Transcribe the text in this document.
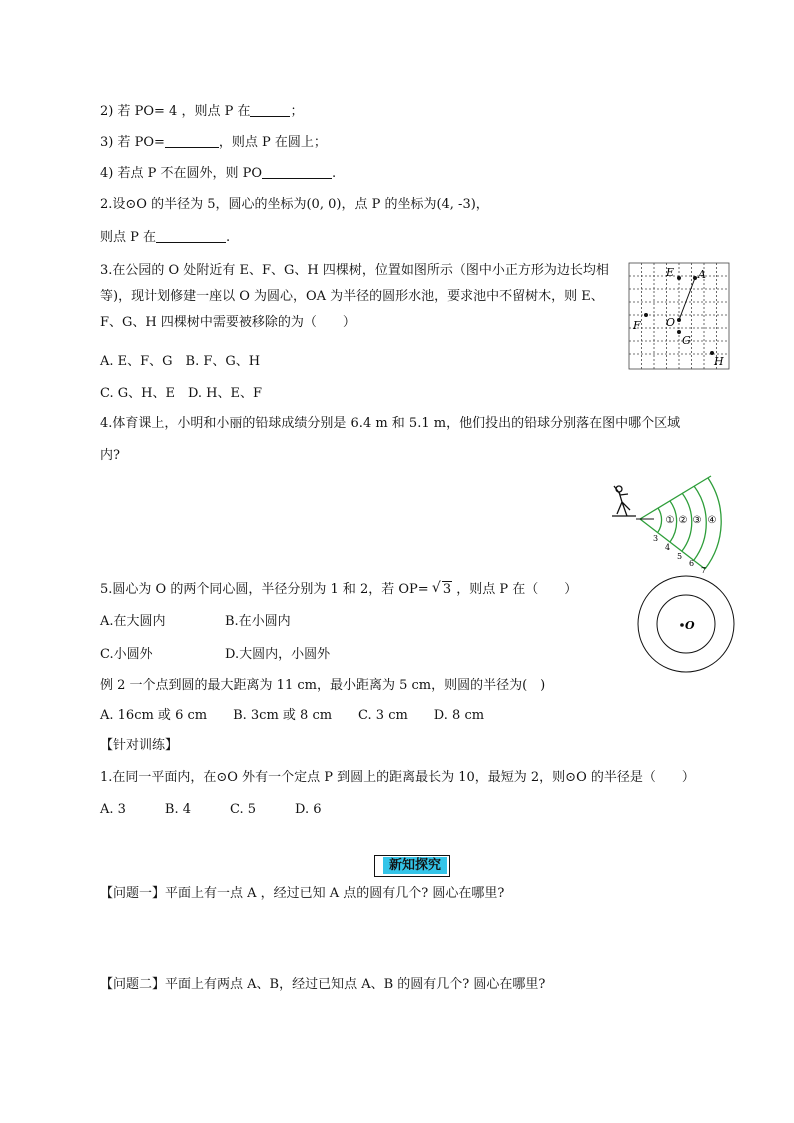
2) 若 PO= 4 ，则点 P 在	；
3) 若 PO=	，则点 P 在圆上；
4) 若点 P 不在圆外，则 PO	.
2.设⊙O 的半径为 5，圆心的坐标为(0, 0)，点 P 的坐标为(4, -3)，
则点 P 在	.
3.在公园的 O 处附近有 E、F、G、H 四棵树，位置如图所示（图中小正方形为边长均相等)，现计划修建一座以 O 为圆心，OA 为半径的圆形水池，要求池中不留树木，则 E、F、G、H 四棵树中需要被移除的为（　　）
A. E、F、G　B. F、G、H
C. G、H、E　D. H、E、F
E A
F O
G
H
4.体育课上，小明和小丽的铅球成绩分别是 6.4 m 和 5.1 m，他们投出的铅球分别落在图中哪个区域
内?
① ② ③ ④
3
4
5
6
7
5.圆心为 O 的两个同心圆，半径分别为 1 和 2，若 OP= √ 3 ，则点 P 在（　　）
A.在大圆内	B.在小圆内
C.小圆外	D.大圆内，小圆外
O
例 2 一个点到圆的最大距离为 11 cm，最小距离为 5 cm，则圆的半径为(　)
A. 16cm 或 6 cm　　B. 3cm 或 8 cm　　C. 3 cm　　D. 8 cm
【针对训练】
1.在同一平面内，在⊙O 外有一个定点 P 到圆上的距离最长为 10，最短为 2，则⊙O 的半径是（　　）
A. 3　　　B. 4　　　C. 5　　　D. 6
新知探究
【问题一】平面上有一点 A ，经过已知 A 点的圆有几个? 圆心在哪里?
【问题二】平面上有两点 A、B，经过已知点 A、B 的圆有几个? 圆心在哪里?
